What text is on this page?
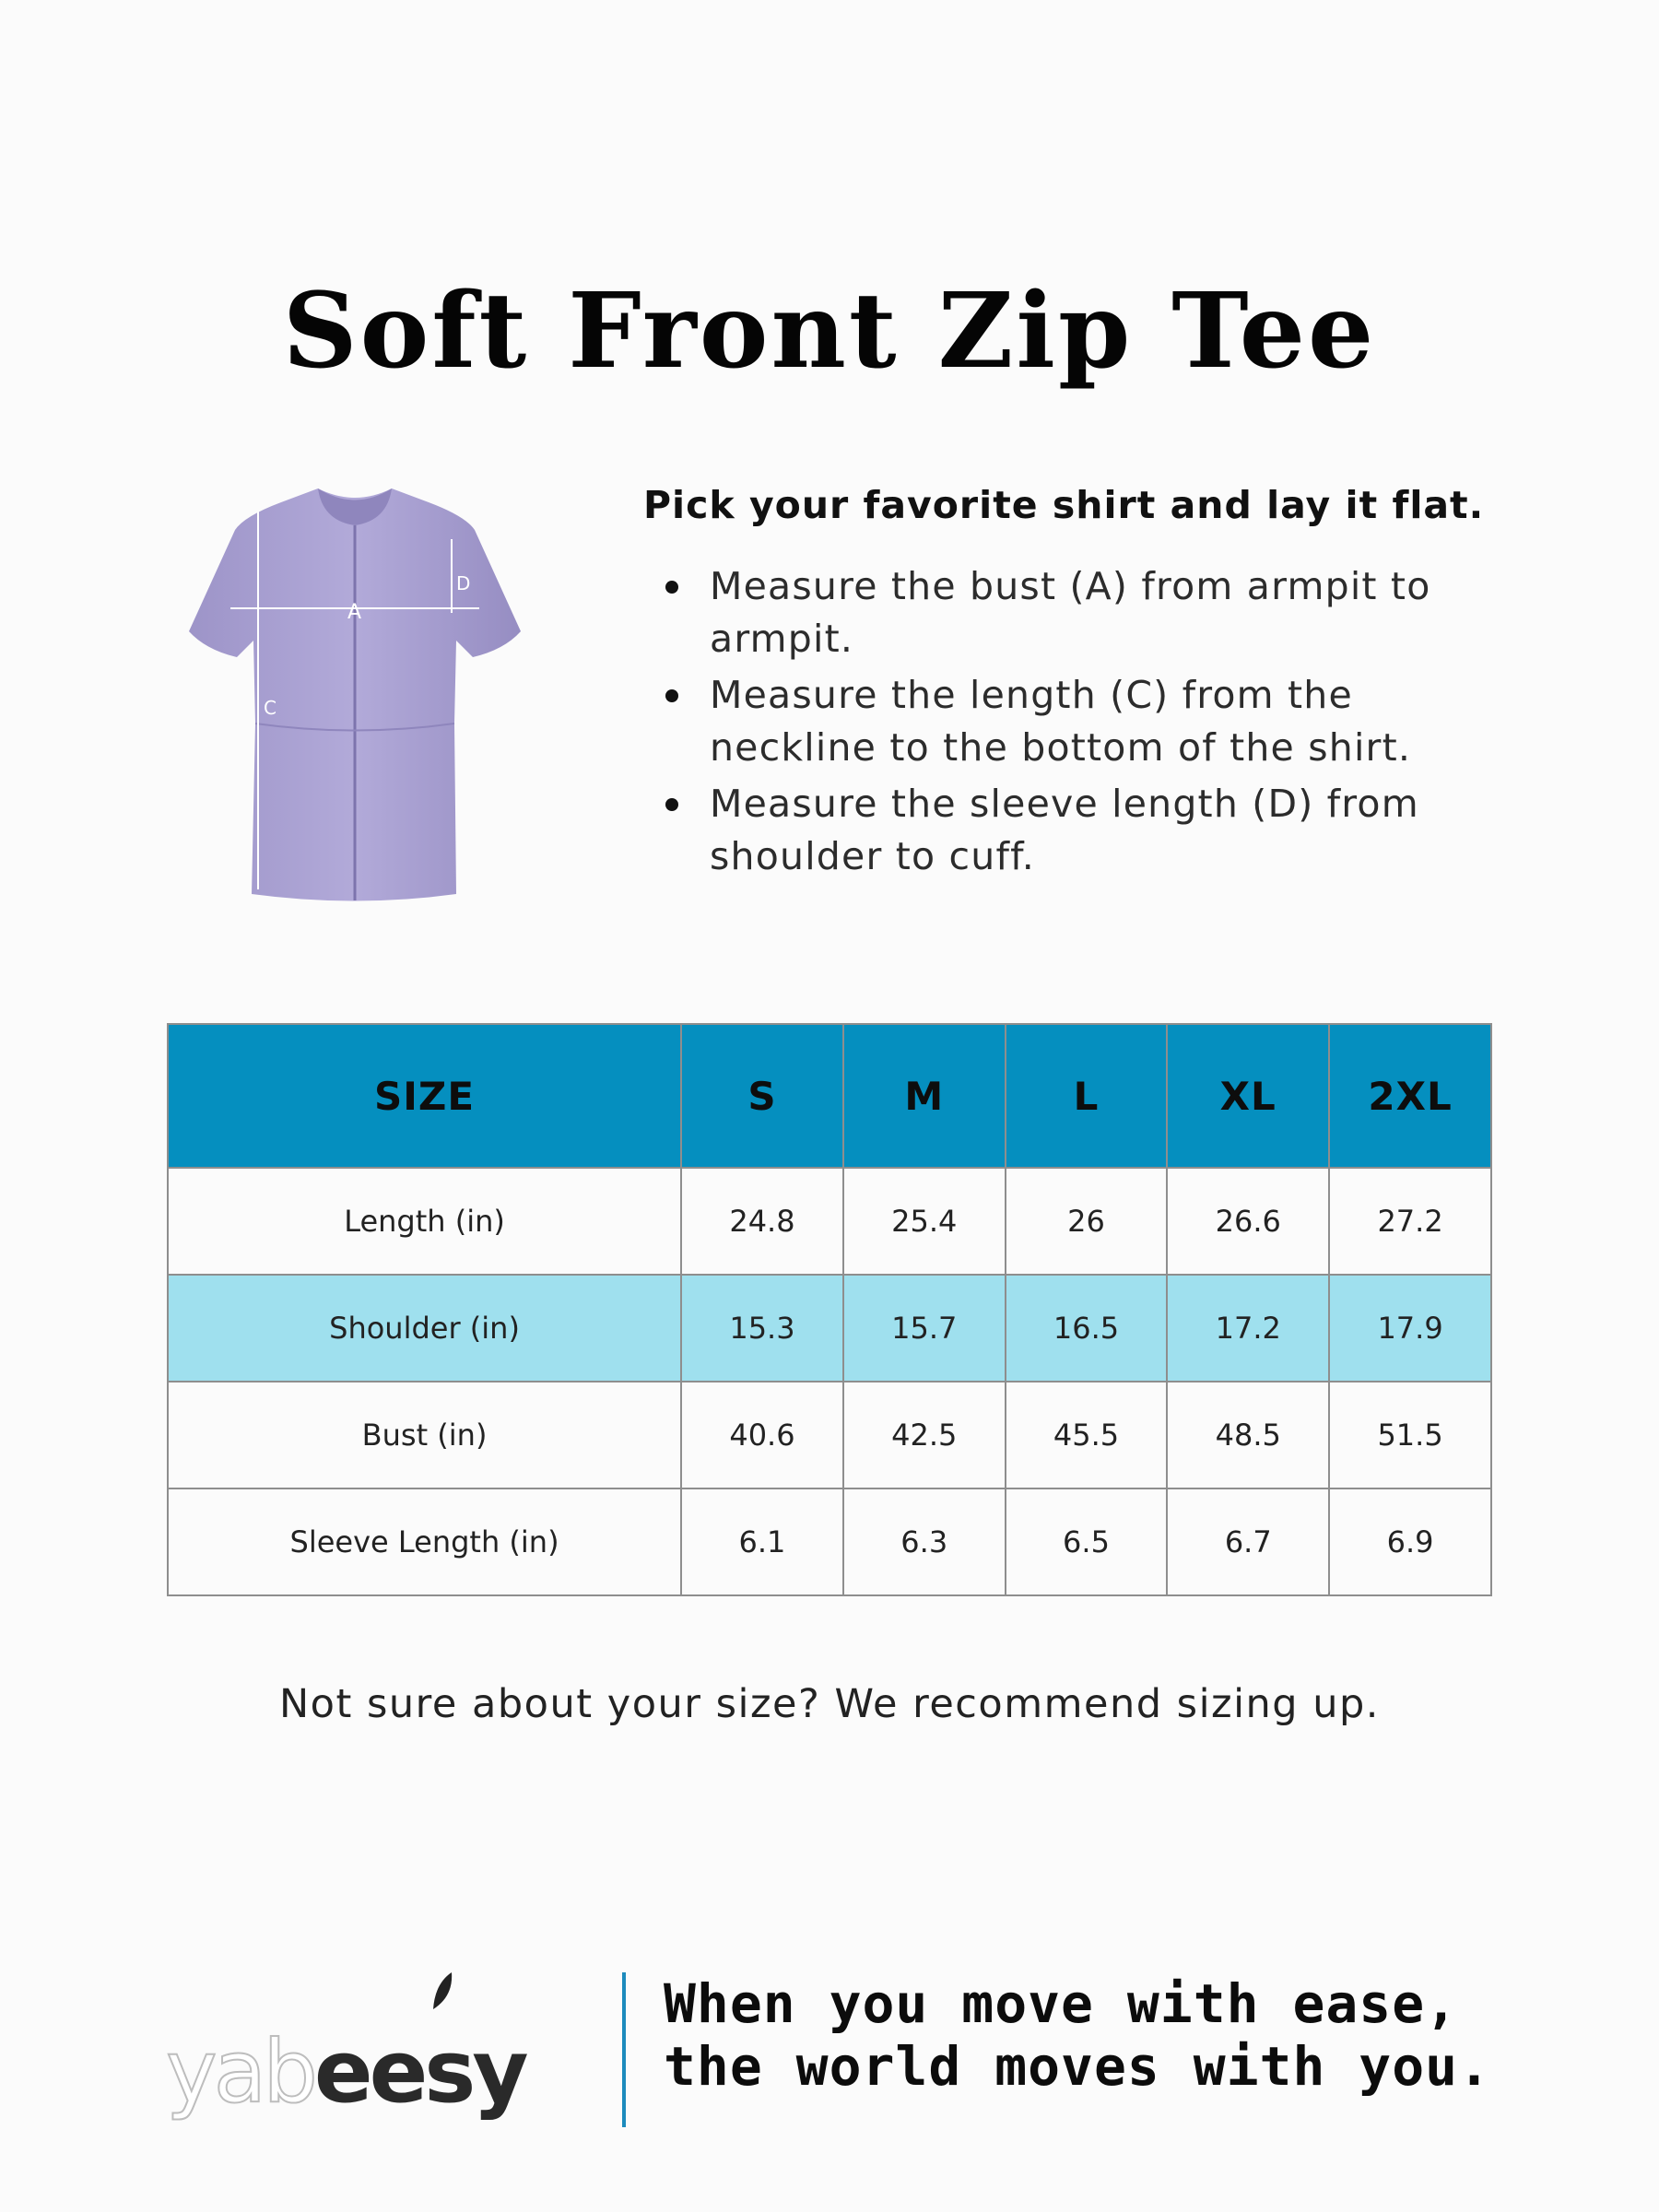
Soft Front Zip Tee
A
C
D
Pick your favorite shirt and lay it flat.
Measure the bust (A) from armpit to armpit.
Measure the length (C) from the neckline to the bottom of the shirt.
Measure the sleeve length (D) from shoulder to cuff.
SIZE	S	M	L	XL	2XL
Length (in)	24.8	25.4	26	26.6	27.2
Shoulder (in)	15.3	15.7	16.5	17.2	17.9
Bust (in)	40.6	42.5	45.5	48.5	51.5
Sleeve Length (in)	6.1	6.3	6.5	6.7	6.9
Not sure about your size? We recommend sizing up.
yabeesy
When you move with ease,
the world moves with you.
